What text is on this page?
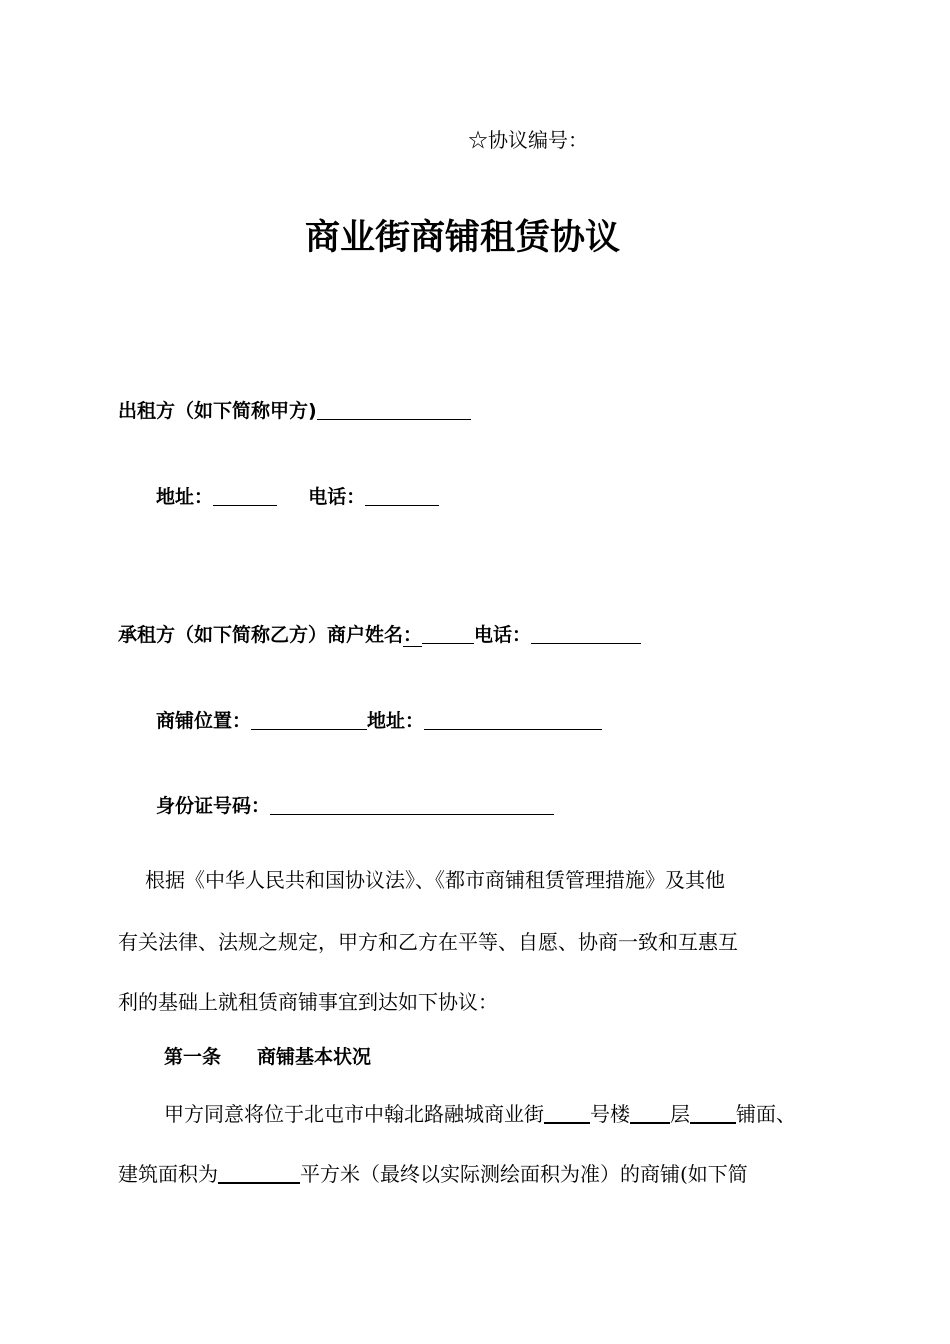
☆协议编号：
商业街商铺租赁协议
出租方（如下简称甲方)
地址：	电话：
承租方（如下简称乙方）商户姓名：	电话：
商铺位置：	地址：
身份证号码：
根据《中华人民共和国协议法》、《都市商铺租赁管理措施》及其他
有关法律、法规之规定，甲方和乙方在平等、自愿、协商一致和互惠互
利的基础上就租赁商铺事宜到达如下协议：
第一条 商铺基本状况
甲方同意将位于北屯市中翰北路融城商业街 号楼 层 铺面、
建筑面积为	平方米（最终以实际测绘面积为准）的商铺(如下简
